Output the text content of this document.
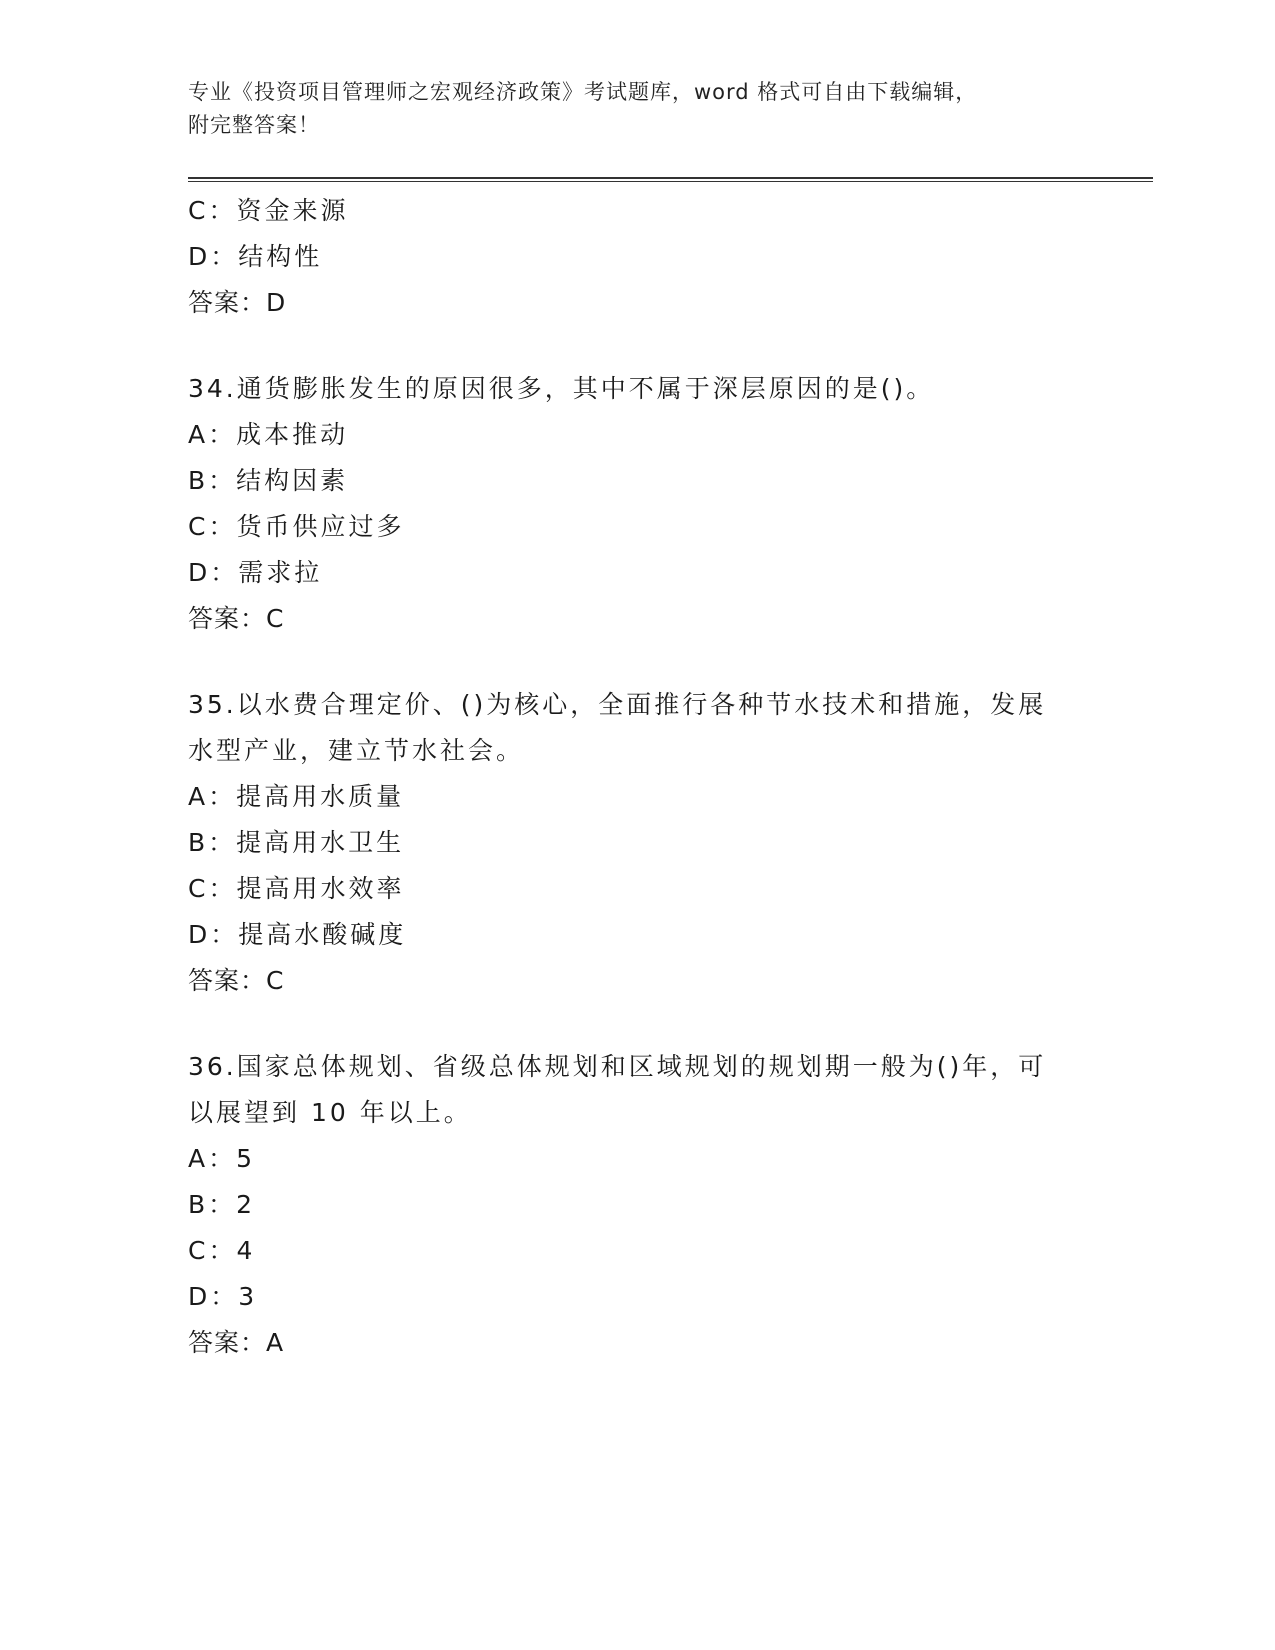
专业《投资项目管理师之宏观经济政策》考试题库，word 格式可自由下载编辑，
附完整答案！
C：资金来源
D：结构性
答案：D
34.通货膨胀发生的原因很多，其中不属于深层原因的是()。
A：成本推动
B：结构因素
C：货币供应过多
D：需求拉
答案：C
35.以水费合理定价、()为核心，全面推行各种节水技术和措施，发展
水型产业，建立节水社会。
A：提高用水质量
B：提高用水卫生
C：提高用水效率
D：提高水酸碱度
答案：C
36.国家总体规划、省级总体规划和区域规划的规划期一般为()年，可
以展望到 10 年以上。
A：5
B：2
C：4
D：3
答案：A
